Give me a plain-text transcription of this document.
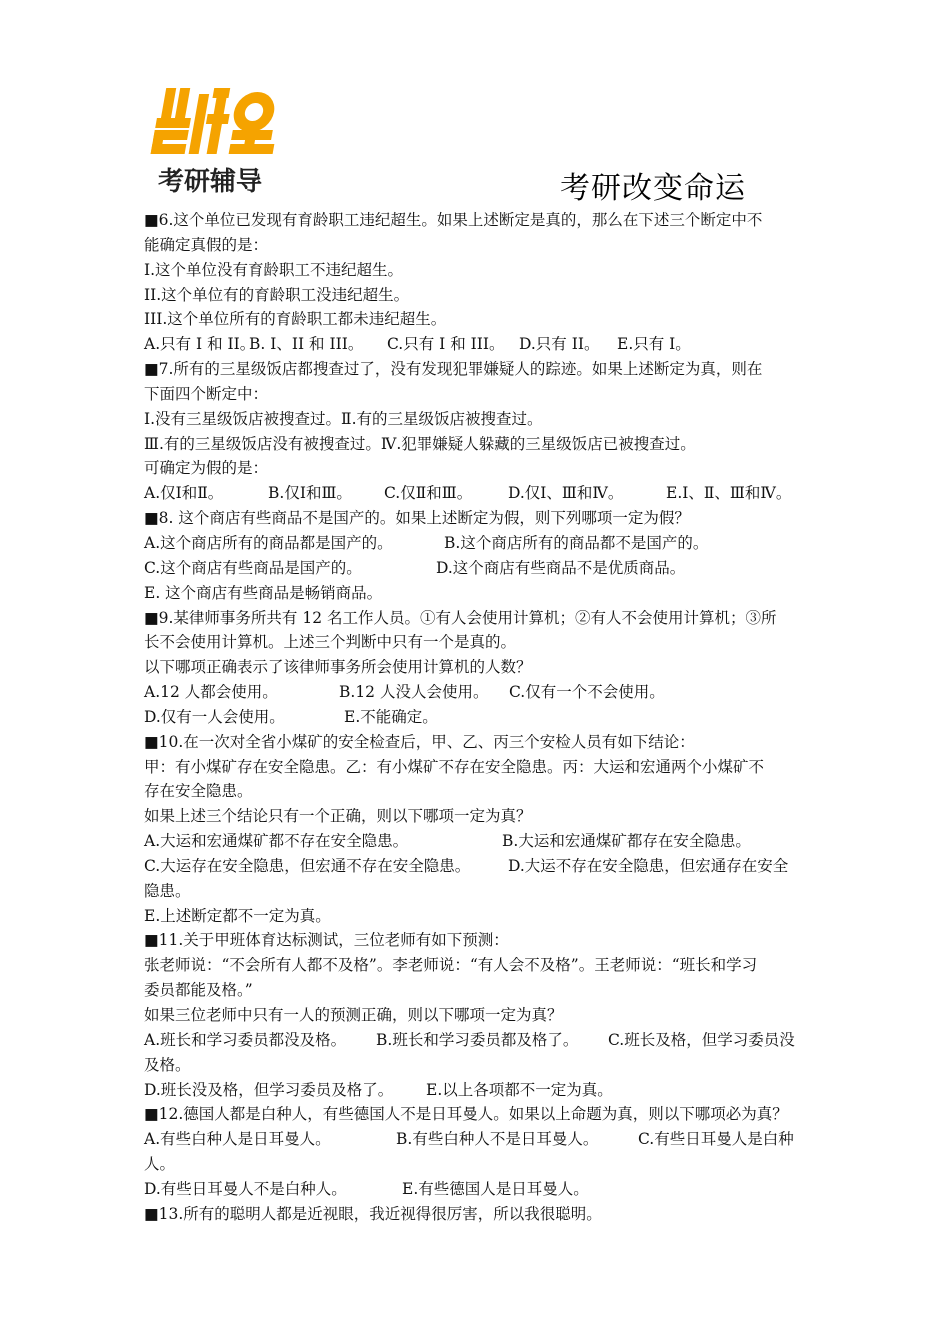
考研辅导	考研改变命运
■6.这个单位已发现有育龄职工违纪超生。如果上述断定是真的，那么在下述三个断定中不
能确定真假的是：
I.这个单位没有育龄职工不违纪超生。
II.这个单位有的育龄职工没违纪超生。
III.这个单位所有的育龄职工都未违纪超生。
A.只有 I 和 II。
B. I、II 和 III。	C.只有 I 和 III。 D.只有 II。	E.只有 I。
■7.所有的三星级饭店都搜查过了，没有发现犯罪嫌疑人的踪迹。如果上述断定为真，则在
下面四个断定中：
Ⅰ.没有三星级饭店被搜查过。Ⅱ.有的三星级饭店被搜查过。
Ⅲ.有的三星级饭店没有被搜查过。Ⅳ.犯罪嫌疑人躲藏的三星级饭店已被搜查过。
可确定为假的是：
A.仅Ⅰ和Ⅱ。	B.仅Ⅰ和Ⅲ。	C.仅Ⅱ和Ⅲ。	D.仅Ⅰ、Ⅲ和Ⅳ。	E.Ⅰ、Ⅱ、Ⅲ和Ⅳ。
■8. 这个商店有些商品不是国产的。如果上述断定为假，则下列哪项一定为假？
A.这个商店所有的商品都是国产的。	B.这个商店所有的商品都不是国产的。
C.这个商店有些商品是国产的。	D.这个商店有些商品不是优质商品。
E. 这个商店有些商品是畅销商品。
■9.某律师事务所共有 12 名工作人员。①有人会使用计算机；②有人不会使用计算机；③所
长不会使用计算机。上述三个判断中只有一个是真的。
以下哪项正确表示了该律师事务所会使用计算机的人数？
A.12 人都会使用。	B.12 人没人会使用。	C.仅有一个不会使用。
D.仅有一人会使用。	E.不能确定。
■10.在一次对全省小煤矿的安全检查后，甲、乙、丙三个安检人员有如下结论：
甲：有小煤矿存在安全隐患。乙：有小煤矿不存在安全隐患。丙：大运和宏通两个小煤矿不
存在安全隐患。
如果上述三个结论只有一个正确，则以下哪项一定为真？
A.大运和宏通煤矿都不存在安全隐患。	B.大运和宏通煤矿都存在安全隐患。
C.大运存在安全隐患，但宏通不存在安全隐患。	D.大运不存在安全隐患，但宏通存在安全
隐患。
E.上述断定都不一定为真。
■11.关于甲班体育达标测试，三位老师有如下预测：
张老师说：“不会所有人都不及格”。李老师说：“有人会不及格”。王老师说：“班长和学习
委员都能及格。”
如果三位老师中只有一人的预测正确，则以下哪项一定为真？
A.班长和学习委员都没及格。	B.班长和学习委员都及格了。	C.班长及格，但学习委员没
及格。
D.班长没及格，但学习委员及格了。	E.以上各项都不一定为真。
■12.德国人都是白种人，有些德国人不是日耳曼人。如果以上命题为真，则以下哪项必为真？
A.有些白种人是日耳曼人。	B.有些白种人不是日耳曼人。	C.有些日耳曼人是白种
人。
D.有些日耳曼人不是白种人。	E.有些德国人是日耳曼人。
■13.所有的聪明人都是近视眼，我近视得很厉害，所以我很聪明。
